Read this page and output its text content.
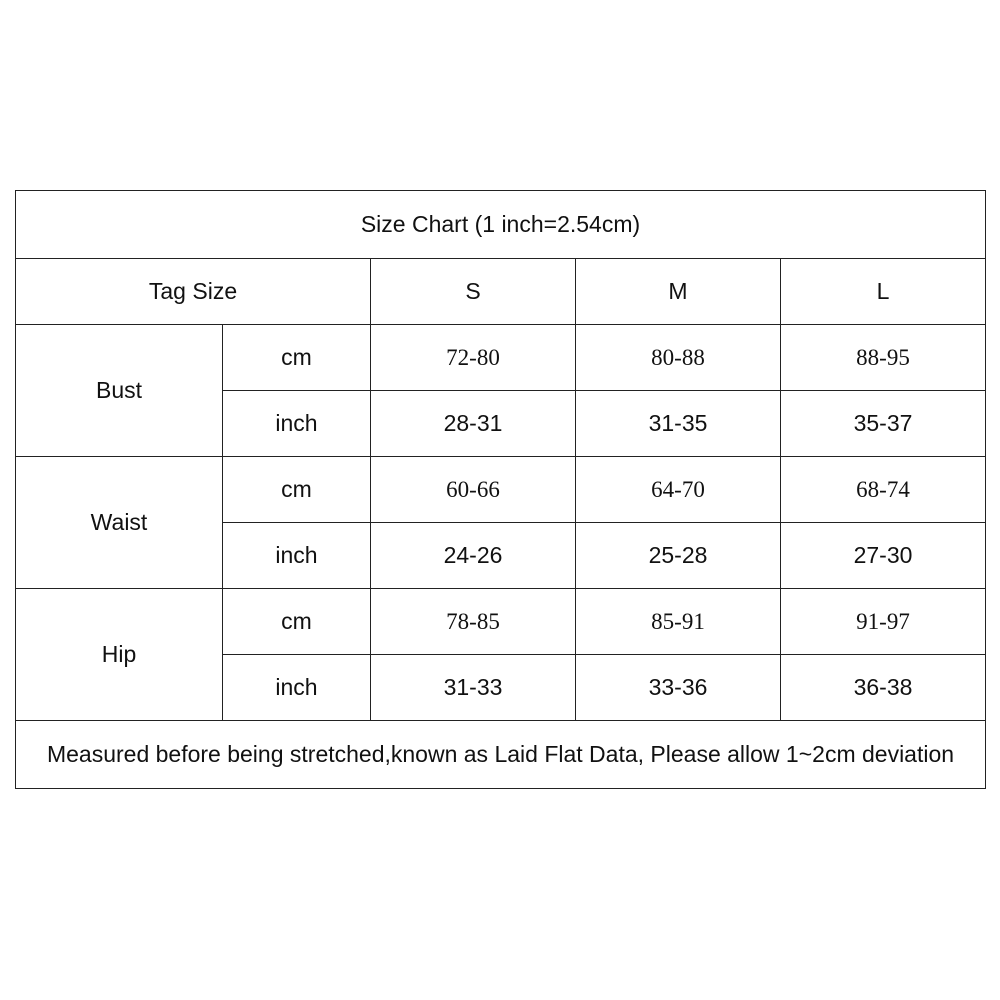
Size Chart (1 inch=2.54cm)				
Tag Size		S	M	L
Bust	cm	72-80	80-88	88-95
	inch	28-31	31-35	35-37
Waist	cm	60-66	64-70	68-74
	inch	24-26	25-28	27-30
Hip	cm	78-85	85-91	91-97
	inch	31-33	33-36	36-38
Measured before being stretched,known as Laid Flat Data, Please allow 1~2cm deviation				
